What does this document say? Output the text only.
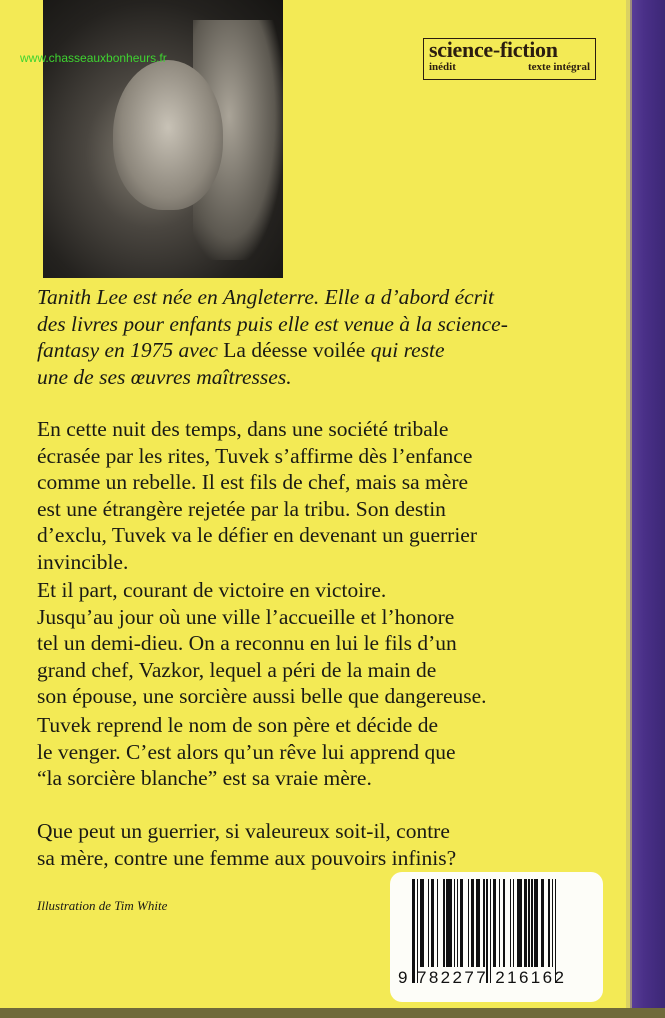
www.chasseauxbonheurs.fr	science-fiction
inédit	texte intégral
Tanith Lee est née en Angleterre. Elle a d’abord écrit
des livres pour enfants puis elle est venue à la science-
fantasy en 1975 avec La déesse voilée qui reste
une de ses œuvres maîtresses.
En cette nuit des temps, dans une société tribale
écrasée par les rites, Tuvek s’affirme dès l’enfance
comme un rebelle. Il est fils de chef, mais sa mère
est une étrangère rejetée par la tribu. Son destin
d’exclu, Tuvek va le défier en devenant un guerrier
invincible.
Et il part, courant de victoire en victoire.
Jusqu’au jour où une ville l’accueille et l’honore
tel un demi-dieu. On a reconnu en lui le fils d’un
grand chef, Vazkor, lequel a péri de la main de
son épouse, une sorcière aussi belle que dangereuse.
Tuvek reprend le nom de son père et décide de
le venger. C’est alors qu’un rêve lui apprend que
“la sorcière blanche” est sa vraie mère.
Que peut un guerrier, si valeureux soit-il, contre
sa mère, contre une femme aux pouvoirs infinis?
Illustration de Tim White
9 782277 216162
